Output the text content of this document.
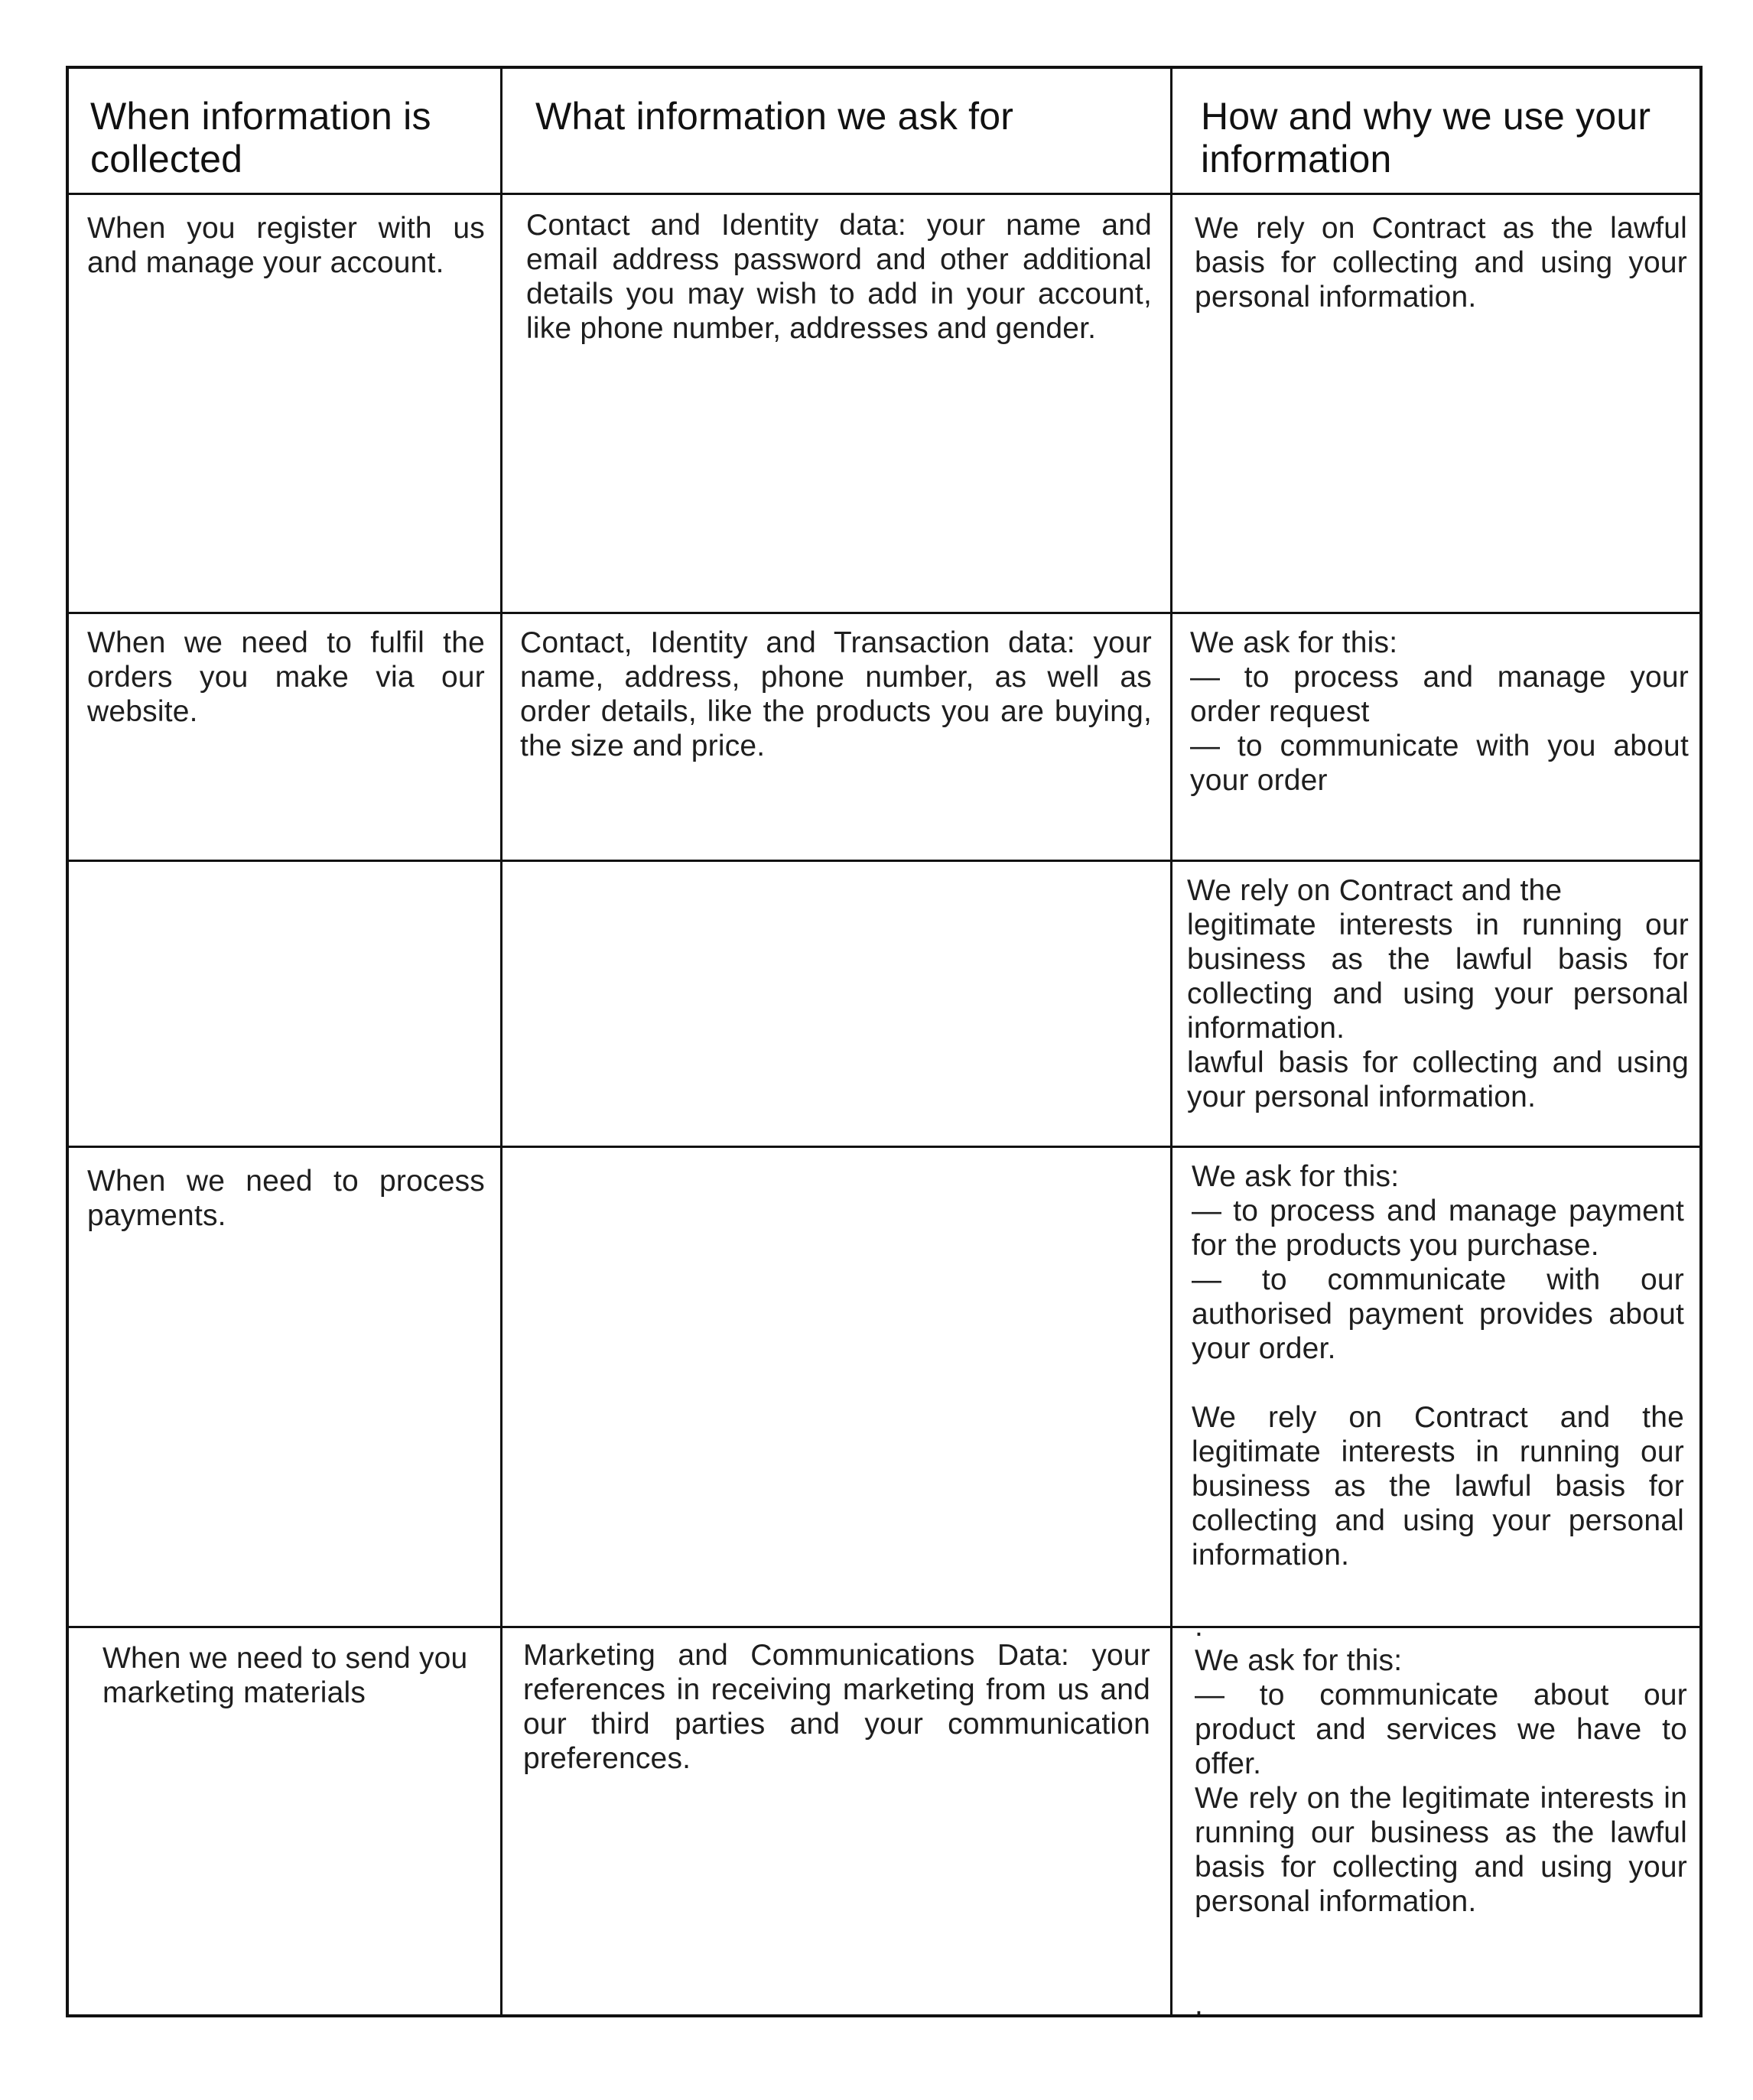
When information is
collected
What information we ask for	How and why we use your
information
When you register with us and manage your account.
Contact and Identity data: your name and email address password and other additional details you may wish to add in your account, like phone number, addresses and gender.
We rely on Contract as the lawful basis for collecting and using your personal information.
When we need to fulfil the orders you make via our website.
Contact, Identity and Transaction data: your name, address, phone number, as well as order details, like the products you are buying, the size and price.
We ask for this:
— to process and manage your order request
— to communicate with you about your order
We rely on Contract and the
legitimate interests in running our business as the lawful basis for collecting and using your personal information.
lawful basis for collecting and using your personal information.
When we need to process payments.
We ask for this:
— to process and manage payment for the products you purchase.
— to communicate with our authorised payment provides about your order.

We rely on Contract and the legitimate interests in running our business as the lawful basis for collecting and using your personal information.
When we need to send you marketing materials
Marketing and Communications Data: your references in receiving marketing from us and our third parties and your communication preferences.
.
We ask for this:
— to communicate about our product and services we have to offer.
We rely on the legitimate interests in running our business as the lawful basis for collecting and using your personal information.

.
